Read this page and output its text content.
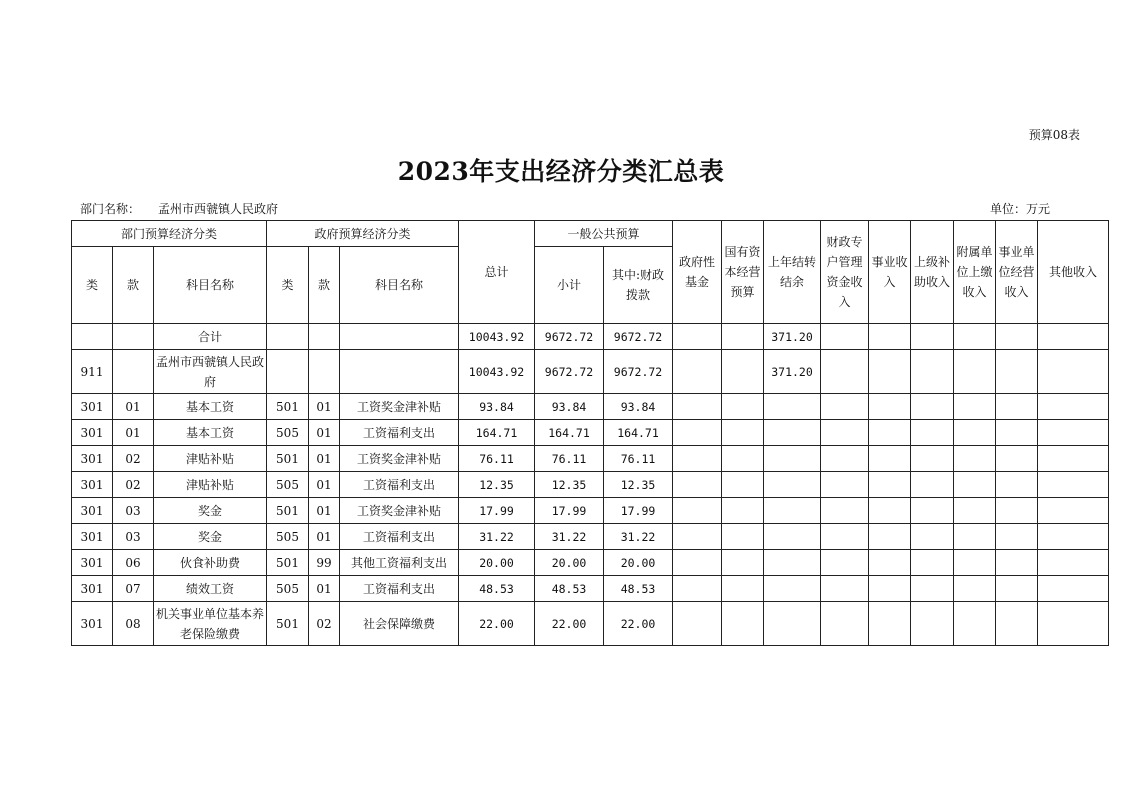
预算08表
2023年支出经济分类汇总表
部门名称： 孟州市西虢镇人民政府	单位：万元
部门预算经济分类			政府预算经济分类			总计	一般公共预算		政府性基金	国有资本经营预算	上年结转结余	财政专户管理资金收入	事业收入	上级补助收入	附属单位上缴收入	事业单位经营收入	其他收入
类	款	科目名称	类	款	科目名称		小计	其中:财政拨款									
		合计				10043.92	9672.72	9672.72			371.20						
911		孟州市西虢镇人民政府				10043.92	9672.72	9672.72			371.20						
301	01	基本工资	501	01	工资奖金津补贴	93.84	93.84	93.84									
301	01	基本工资	505	01	工资福利支出	164.71	164.71	164.71									
301	02	津贴补贴	501	01	工资奖金津补贴	76.11	76.11	76.11									
301	02	津贴补贴	505	01	工资福利支出	12.35	12.35	12.35									
301	03	奖金	501	01	工资奖金津补贴	17.99	17.99	17.99									
301	03	奖金	505	01	工资福利支出	31.22	31.22	31.22									
301	06	伙食补助费	501	99	其他工资福利支出	20.00	20.00	20.00									
301	07	绩效工资	505	01	工资福利支出	48.53	48.53	48.53									
301	08	机关事业单位基本养老保险缴费	501	02	社会保障缴费	22.00	22.00	22.00									
